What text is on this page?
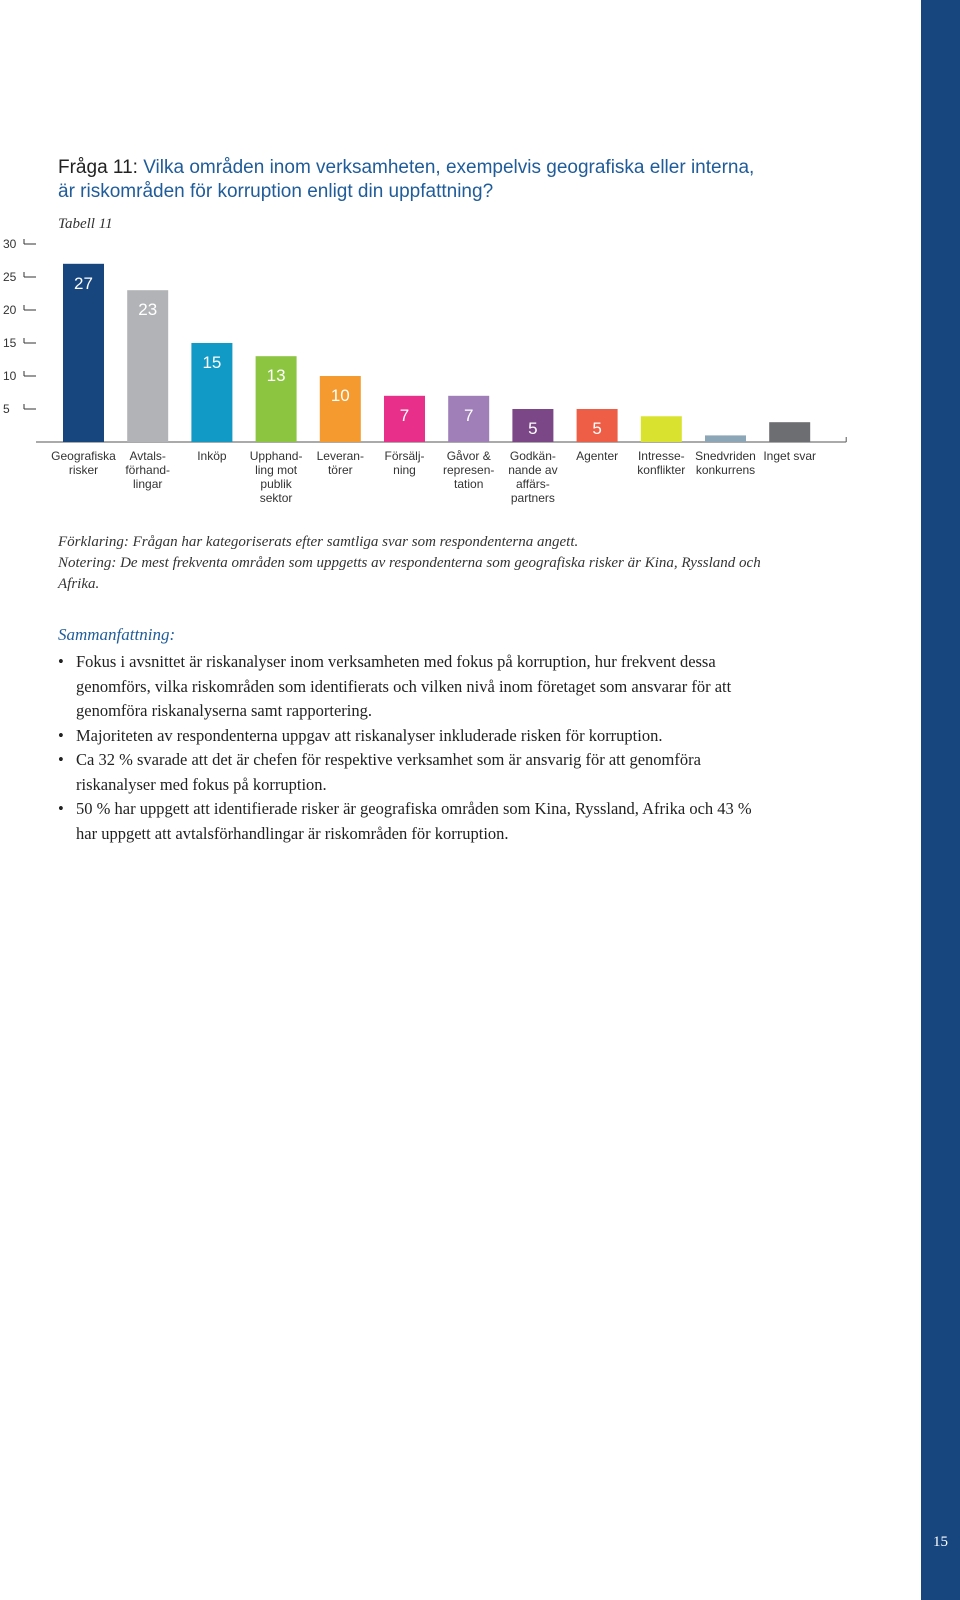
15
Fråga 11: Vilka områden inom verksamheten, exempelvis geografiska eller interna, är riskområden för korruption enligt din uppfattning?
Tabell 11
5
10
15
20
25
30
27
Geografiska
risker
23
Avtals-
förhand-
lingar
15
Inköp
13
Upphand-
ling mot
publik
sektor
10
Leveran-
törer
7
Försälj-
ning
7
Gåvor &
represen-
tation
5
Godkän-
nande av
affärs-
partners
5
Agenter Intresse-
konflikter
Snedvriden
konkurrens
Inget svar
Förklaring: Frågan har kategoriserats efter samtliga svar som respondenterna angett.
Notering: De mest frekventa områden som uppgetts av respondenterna som geografiska risker är Kina, Ryssland och Afrika.
Sammanfattning:
• Fokus i avsnittet är riskanalyser inom verksamheten med fokus på korruption, hur frekvent dessa genomförs, vilka riskområden som identifierats och vilken nivå inom företaget som ansvarar för att genomföra riskanalyserna samt rapportering.
• Majoriteten av respondenterna uppgav att riskanalyser inkluderade risken för korruption.
• Ca 32 % svarade att det är chefen för respektive verksamhet som är ansvarig för att genomföra riskanalyser med fokus på korruption.
• 50 % har uppgett att identifierade risker är geografiska områden som Kina, Ryssland, Afrika och 43 % har uppgett att avtalsförhandlingar är riskområden för korruption.
